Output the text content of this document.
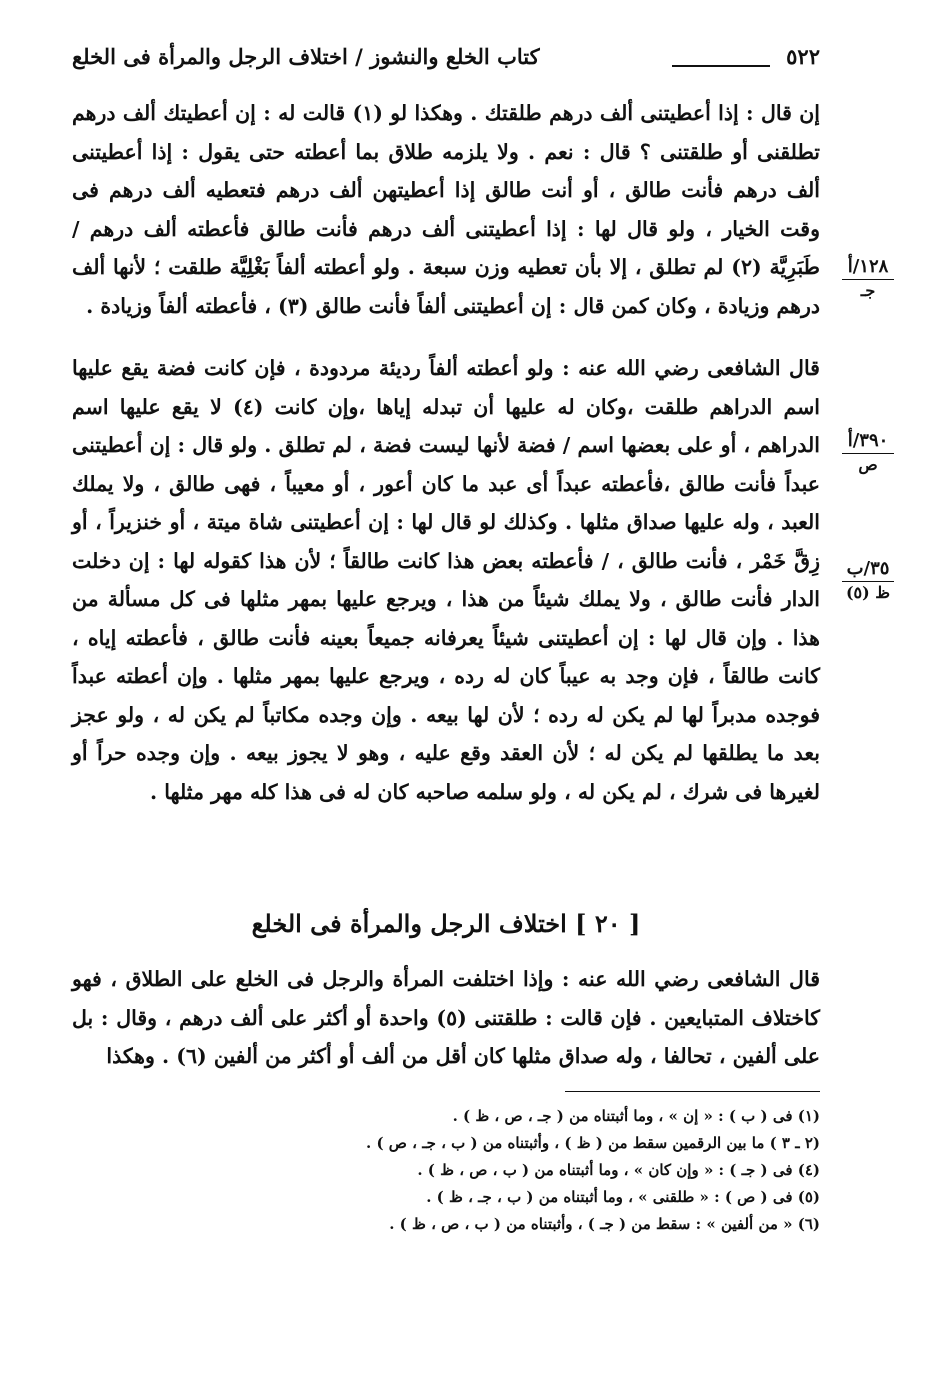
٥٢٢
كتاب الخلع والنشوز / اختلاف الرجل والمرأة فى الخلع
إن قال : إذا أعطيتنى ألف درهم طلقتك . وهكذا لو (١) قالت له : إن أعطيتك ألف درهم تطلقنى أو طلقتنى ؟ قال : نعم . ولا يلزمه طلاق بما أعطته حتى يقول : إذا أعطيتنى ألف درهم فأنت طالق ، أو أنت طالق إذا أعطيتهن ألف درهم فتعطيه ألف درهم فى وقت الخيار ، ولو قال لها : إذا أعطيتنى ألف درهم فأنت طالق فأعطته ألف درهم / طَبَرِيَّة (٢) لم تطلق ، إلا بأن تعطيه وزن سبعة . ولو أعطته ألفاً بَغْلِيَّة طلقت ؛ لأنها ألف درهم وزيادة ، وكان كمن قال : إن أعطيتنى ألفاً فأنت طالق (٣) ، فأعطته ألفاً وزيادة .
١٢٨/أ
جـ
قال الشافعى رضي الله عنه : ولو أعطته ألفاً رديئة مردودة ، فإن كانت فضة يقع عليها اسم الدراهم طلقت ،وكان له عليها أن تبدله إياها ،وإن كانت (٤) لا يقع عليها اسم الدراهم ، أو على بعضها اسم / فضة لأنها ليست فضة ، لم تطلق . ولو قال : إن أعطيتنى عبداً فأنت طالق ،فأعطته عبداً أى عبد ما كان أعور ، أو معيباً ، فهى طالق ، ولا يملك العبد ، وله عليها صداق مثلها . وكذلك لو قال لها : إن أعطيتنى شاة ميتة ، أو خنزيراً ، أو زِقَّ خَمْر ، فأنت طالق ، / فأعطته بعض هذا كانت طالقاً ؛ لأن هذا كقوله لها : إن دخلت الدار فأنت طالق ، ولا يملك شيئاً من هذا ، ويرجع عليها بمهر مثلها فى كل مسألة من هذا . وإن قال لها : إن أعطيتنى شيئاً يعرفانه جميعاً بعينه فأنت طالق ، فأعطته إياه ، كانت طالقاً ، فإن وجد به عيباً كان له رده ، ويرجع عليها بمهر مثلها . وإن أعطته عبداً فوجده مدبراً لها لم يكن له رده ؛ لأن لها بيعه . وإن وجده مكاتباً لم يكن له ، ولو عجز بعد ما يطلقها لم يكن له ؛ لأن العقد وقع عليه ، وهو لا يجوز بيعه . وإن وجده حراً أو لغيرها فى شرك ، لم يكن له ، ولو سلمه صاحبه كان له فى هذا كله مهر مثلها .
٣٩٠/أ
ص
٣٥/ب
ظ (٥)
[ ٢٠ ] اختلاف الرجل والمرأة فى الخلع
قال الشافعى رضي الله عنه : وإذا اختلفت المرأة والرجل فى الخلع على الطلاق ، فهو كاختلاف المتبايعين . فإن قالت : طلقتنى (٥) واحدة أو أكثر على ألف درهم ، وقال : بل على ألفين ، تحالفا ، وله صداق مثلها كان أقل من ألف أو أكثر من ألفين (٦) . وهكذا
(١) فى ( ب ) : « إن » ، وما أثبتناه من ( جـ ، ص ، ظ ) .
(٢ ـ ٣ ) ما بين الرقمين سقط من ( ظ ) ، وأثبتناه من ( ب ، جـ ، ص ) .
(٤) فى ( جـ ) : « وإن كان » ، وما أثبتناه من ( ب ، ص ، ظ ) .
(٥) فى ( ص ) : « طلقنى » ، وما أثبتناه من ( ب ، جـ ، ظ ) .
(٦) « من ألفين » : سقط من ( جـ ) ، وأثبتناه من ( ب ، ص ، ظ ) .
